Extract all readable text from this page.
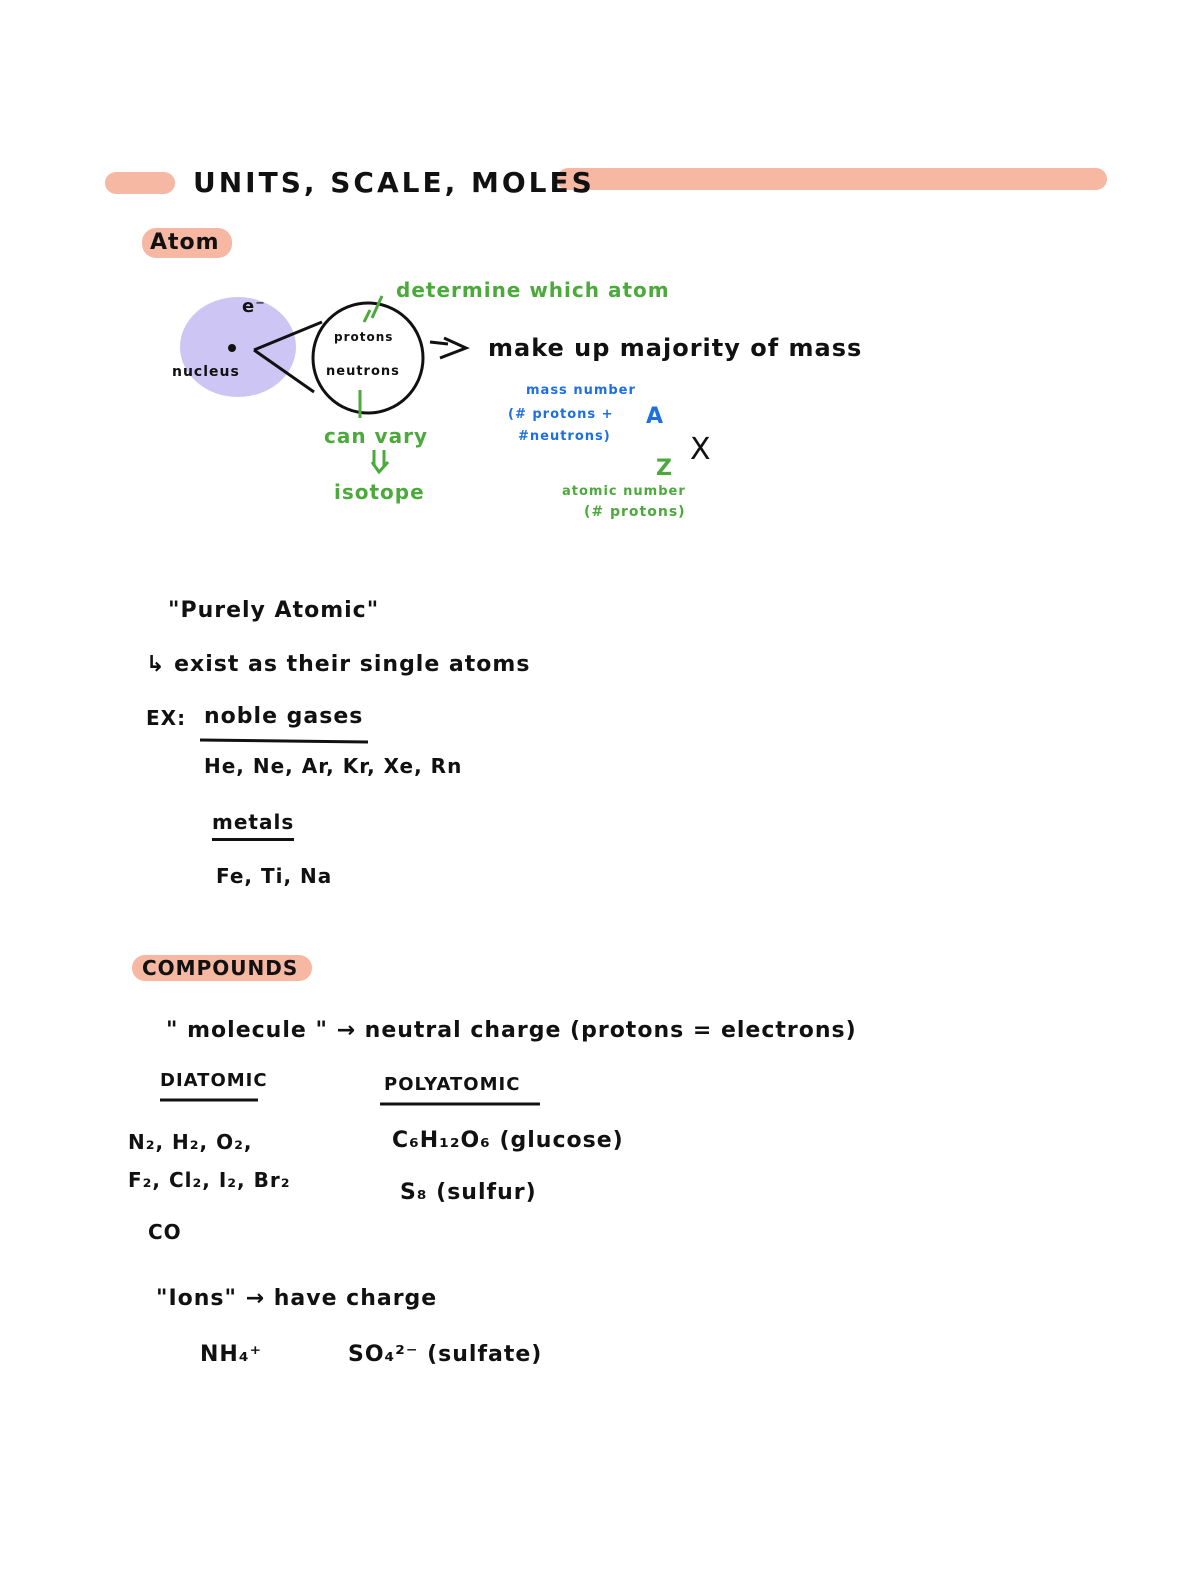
UNITS, SCALE, MOLES
Atom
e⁻
nucleus
protons
neutrons
determine which atom
make up majority of mass
can vary
isotope
mass number
(# protons +
#neutrons)
A
X
Z
atomic number
(# protons)
"Purely Atomic"
↳ exist as their single atoms
EX: noble gases
He, Ne, Ar, Kr, Xe, Rn
metals
Fe, Ti, Na
COMPOUNDS
" molecule " → neutral charge (protons = electrons)
DIATOMIC	POLYATOMIC
N₂, H₂, O₂,
F₂, Cl₂, I₂, Br₂
CO
C₆H₁₂O₆ (glucose)
S₈ (sulfur)
"Ions" → have charge
NH₄⁺	SO₄²⁻ (sulfate)
